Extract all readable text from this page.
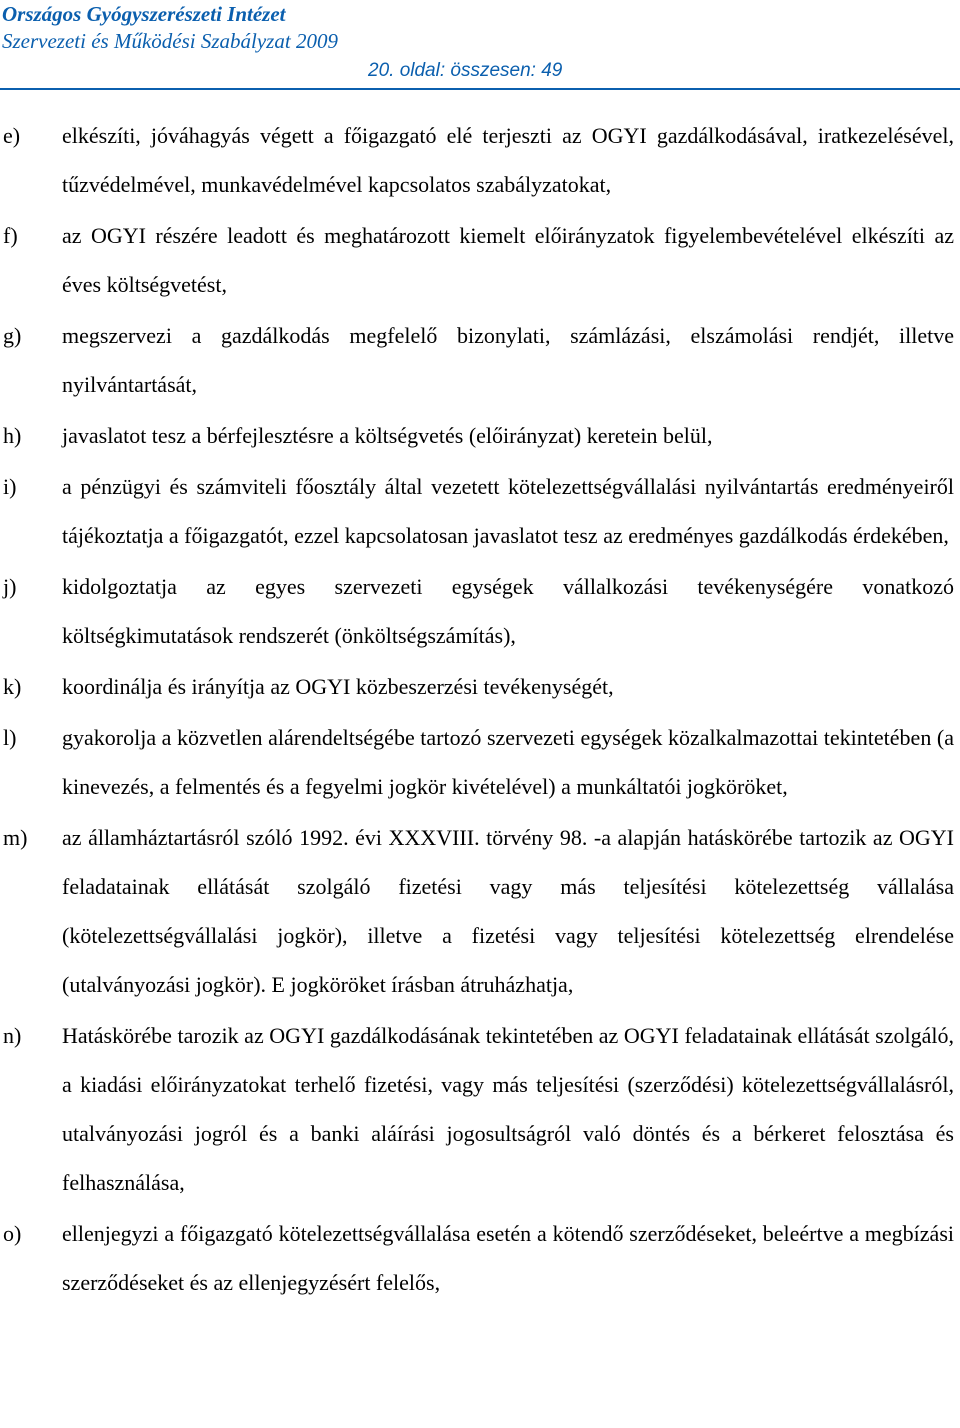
Országos Gyógyszerészeti Intézet
Szervezeti és Működési Szabályzat 2009
20. oldal: összesen: 49
e) elkészíti, jóváhagyás végett a főigazgató elé terjeszti az OGYI gazdálkodásával, iratkezelésével, tűzvédelmével, munkavédelmével kapcsolatos szabályzatokat,
f) az OGYI részére leadott és meghatározott kiemelt előirányzatok figyelembevételével elkészíti az éves költségvetést,
g) megszervezi a gazdálkodás megfelelő bizonylati, számlázási, elszámolási rendjét, illetve nyilvántartását,
h) javaslatot tesz a bérfejlesztésre a költségvetés (előirányzat) keretein belül,
i) a pénzügyi és számviteli főosztály által vezetett kötelezettségvállalási nyilvántartás eredményeiről tájékoztatja a főigazgatót, ezzel kapcsolatosan javaslatot tesz az eredményes gazdálkodás érdekében,
j) kidolgoztatja az egyes szervezeti egységek vállalkozási tevékenységére vonatkozó költségkimutatások rendszerét (önköltségszámítás),
k) koordinálja és irányítja az OGYI közbeszerzési tevékenységét,
l) gyakorolja a közvetlen alárendeltségébe tartozó szervezeti egységek közalkalmazottai tekintetében (a kinevezés, a felmentés és a fegyelmi jogkör kivételével) a munkáltatói jogköröket,
m) az államháztartásról szóló 1992. évi XXXVIII. törvény 98. -a alapján hatáskörébe tartozik az OGYI feladatainak ellátását szolgáló fizetési vagy más teljesítési kötelezettség vállalása (kötelezettségvállalási jogkör), illetve a fizetési vagy teljesítési kötelezettség elrendelése (utalványozási jogkör). E jogköröket írásban átruházhatja,
n) Hatáskörébe tarozik az OGYI gazdálkodásának tekintetében az OGYI feladatainak ellátását szolgáló, a kiadási előirányzatokat terhelő fizetési, vagy más teljesítési (szerződési) kötelezettségvállalásról, utalványozási jogról és a banki aláírási jogosultságról való döntés és a bérkeret felosztása és felhasználása,
o) ellenjegyzi a főigazgató kötelezettségvállalása esetén a kötendő szerződéseket, beleértve a megbízási szerződéseket és az ellenjegyzésért felelős,
